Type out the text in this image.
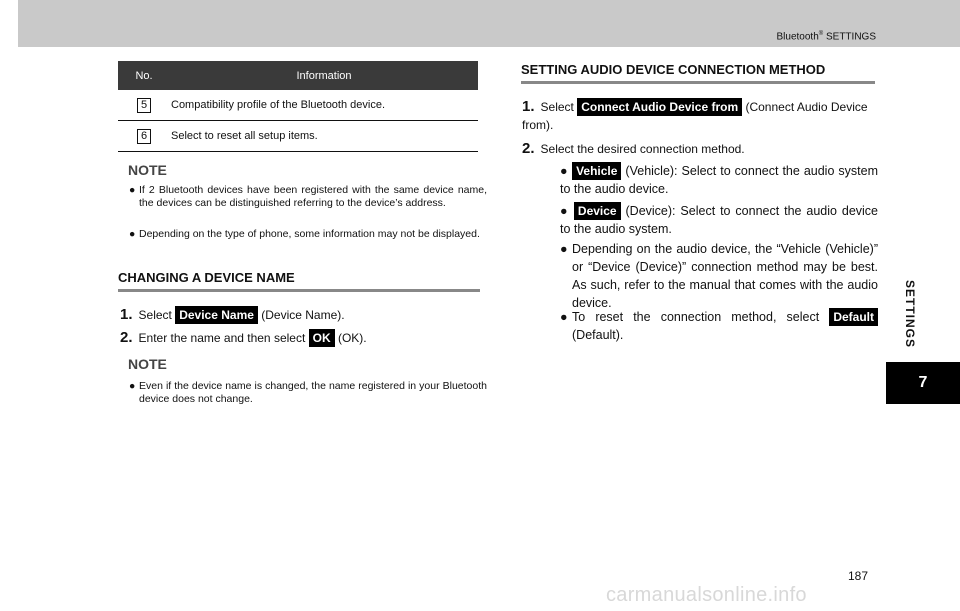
Bluetooth® SETTINGS
SETTINGS
7
No.	Information
5	Compatibility profile of the Bluetooth device.
6	Select to reset all setup items.
NOTE
● If 2 Bluetooth devices have been registered with the same device name, the devices can be distinguished referring to the device’s address.
● Depending on the type of phone, some information may not be displayed.
CHANGING A DEVICE NAME
1. Select Device Name (Device Name).
2. Enter the name and then select OK (OK).
NOTE
● Even if the device name is changed, the name registered in your Bluetooth device does not change.
SETTING AUDIO DEVICE CONNECTION METHOD
1. Select Connect Audio Device from (Connect Audio Device from).
2. Select the desired connection method.
● Vehicle (Vehicle): Select to connect the audio system to the audio device.
● Device (Device): Select to connect the audio device to the audio system.
● Depending on the audio device, the “Vehicle (Vehicle)” or “Device (Device)” connection method may be best. As such, refer to the manual that comes with the audio device.
● To reset the connection method, select Default (Default).
187
carmanualsonline.info
